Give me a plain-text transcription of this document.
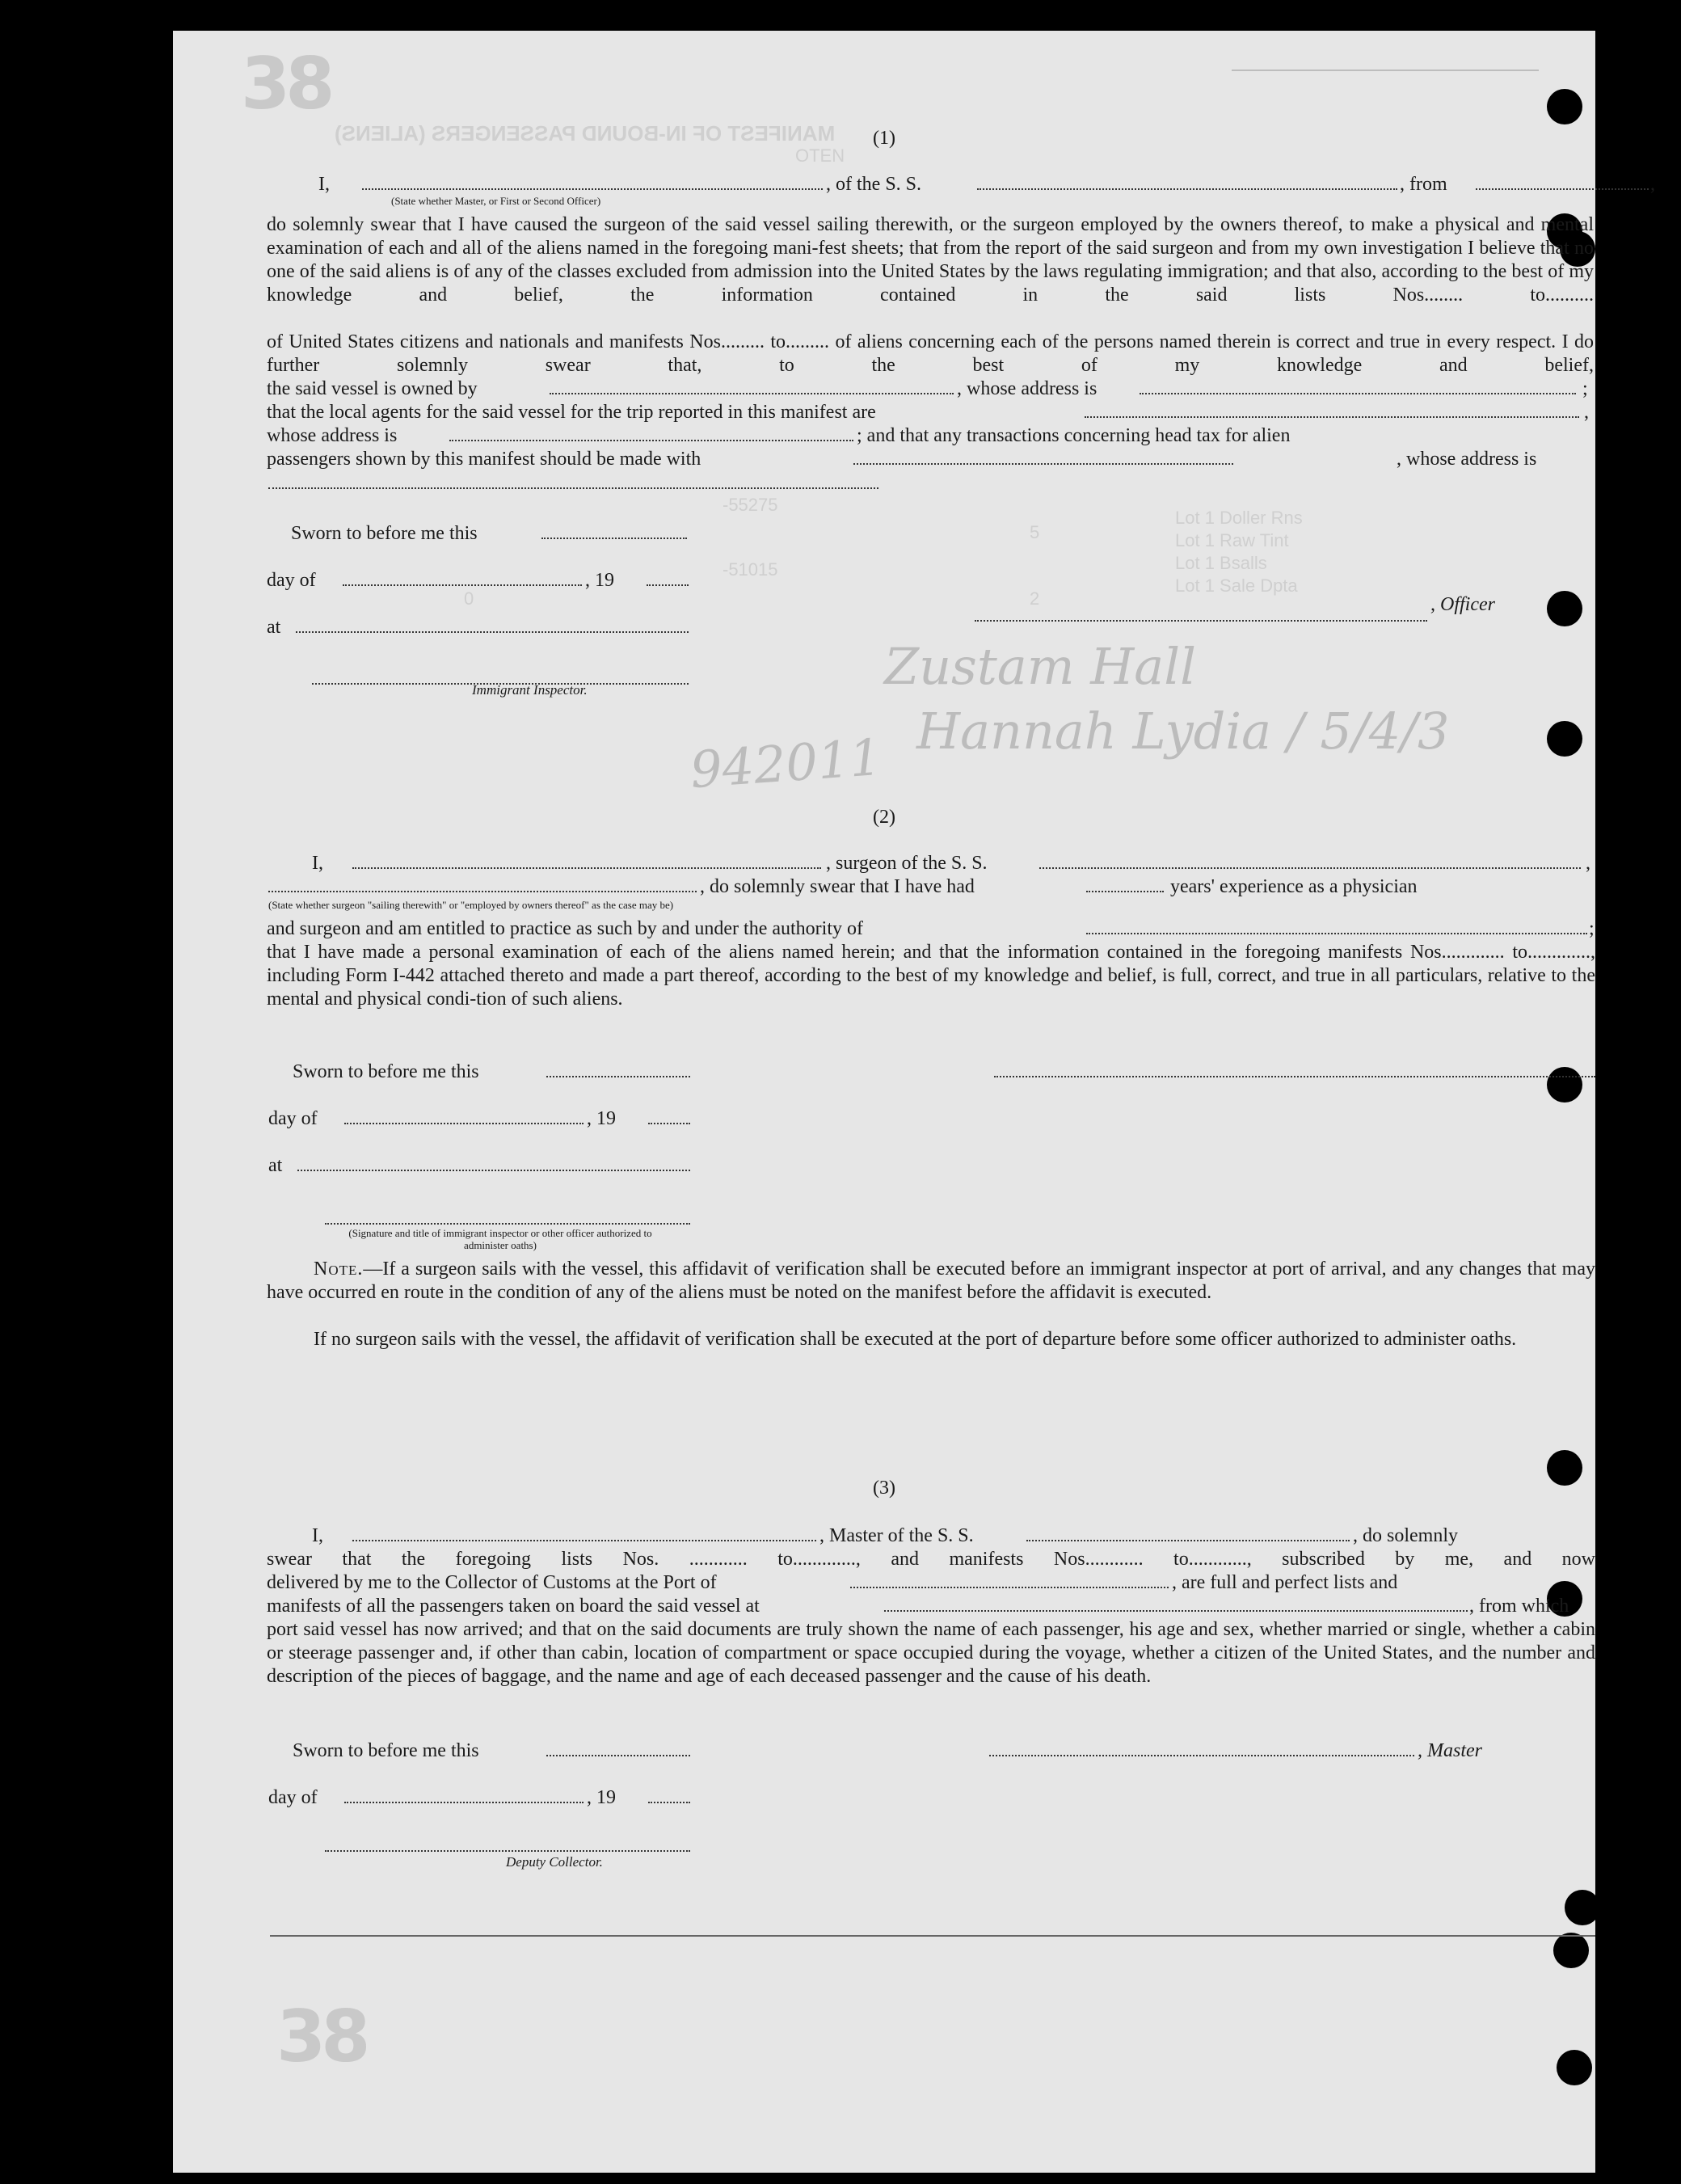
38
38
MANIFEST OF IN-BOUND PASSENGERS (ALIENS)
OTEN
5
2
0
-55275
-51015
Lot 1 Doller Rns
Lot 1 Raw Tint
Lot 1 Bsalls
Lot 1 Sale Dpta
Zustam Hall
Hannah Lydia / 5/4/3
942011
(1)
I,	, of the S. S.	, from	,
(State whether Master, or First or Second Officer)
do solemnly swear that I have caused the surgeon of the said vessel sailing therewith, or the surgeon employed by the owners thereof, to make a physical and mental examination of each and all of the aliens named in the foregoing mani-fest sheets; that from the report of the said surgeon and from my own investigation I believe that no one of the said aliens is of any of the classes excluded from admission into the United States by the laws regulating immigration; and that also, according to the best of my knowledge and belief, the information contained in the said lists Nos........ to..........
of United States citizens and nationals and manifests Nos......... to......... of aliens concerning each of the persons named therein is correct and true in every respect. I do further solemnly swear that, to the best of my knowledge and belief,
the said vessel is owned by	, whose address is	;
that the local agents for the said vessel for the trip reported in this manifest are	,
whose address is	; and that any transactions concerning head tax for alien
passengers shown by this manifest should be made with	, whose address is
Sworn to before me this
day of	, 19
at
, Officer
Immigrant Inspector.
(2)
I,	, surgeon of the S. S.	,
, do solemnly swear that I have had	years' experience as a physician
(State whether surgeon "sailing therewith" or "employed by owners thereof" as the case may be)
and surgeon and am entitled to practice as such by and under the authority of	;
that I have made a personal examination of each of the aliens named herein; and that the information contained in the foregoing manifests Nos............. to............., including Form I-442 attached thereto and made a part thereof, according to the best of my knowledge and belief, is full, correct, and true in all particulars, relative to the mental and physical condi-tion of such aliens.
Sworn to before me this
day of	, 19
at
(Signature and title of immigrant inspector or other officer authorized to administer oaths)
Note.—If a surgeon sails with the vessel, this affidavit of verification shall be executed before an immigrant inspector at port of arrival, and any changes that may have occurred en route in the condition of any of the aliens must be noted on the manifest before the affidavit is executed.
If no surgeon sails with the vessel, the affidavit of verification shall be executed at the port of departure before some officer authorized to administer oaths.
(3)
I,	, Master of the S. S.	, do solemnly
swear that the foregoing lists Nos. ............ to............., and manifests Nos............ to............, subscribed by me, and now
delivered by me to the Collector of Customs at the Port of	, are full and perfect lists and
manifests of all the passengers taken on board the said vessel at	, from which
port said vessel has now arrived; and that on the said documents are truly shown the name of each passenger, his age and sex, whether married or single, whether a cabin or steerage passenger and, if other than cabin, location of compartment or space occupied during the voyage, whether a citizen of the United States, and the number and description of the pieces of baggage, and the name and age of each deceased passenger and the cause of his death.
Sworn to before me this	, Master
day of	, 19
Deputy Collector.
